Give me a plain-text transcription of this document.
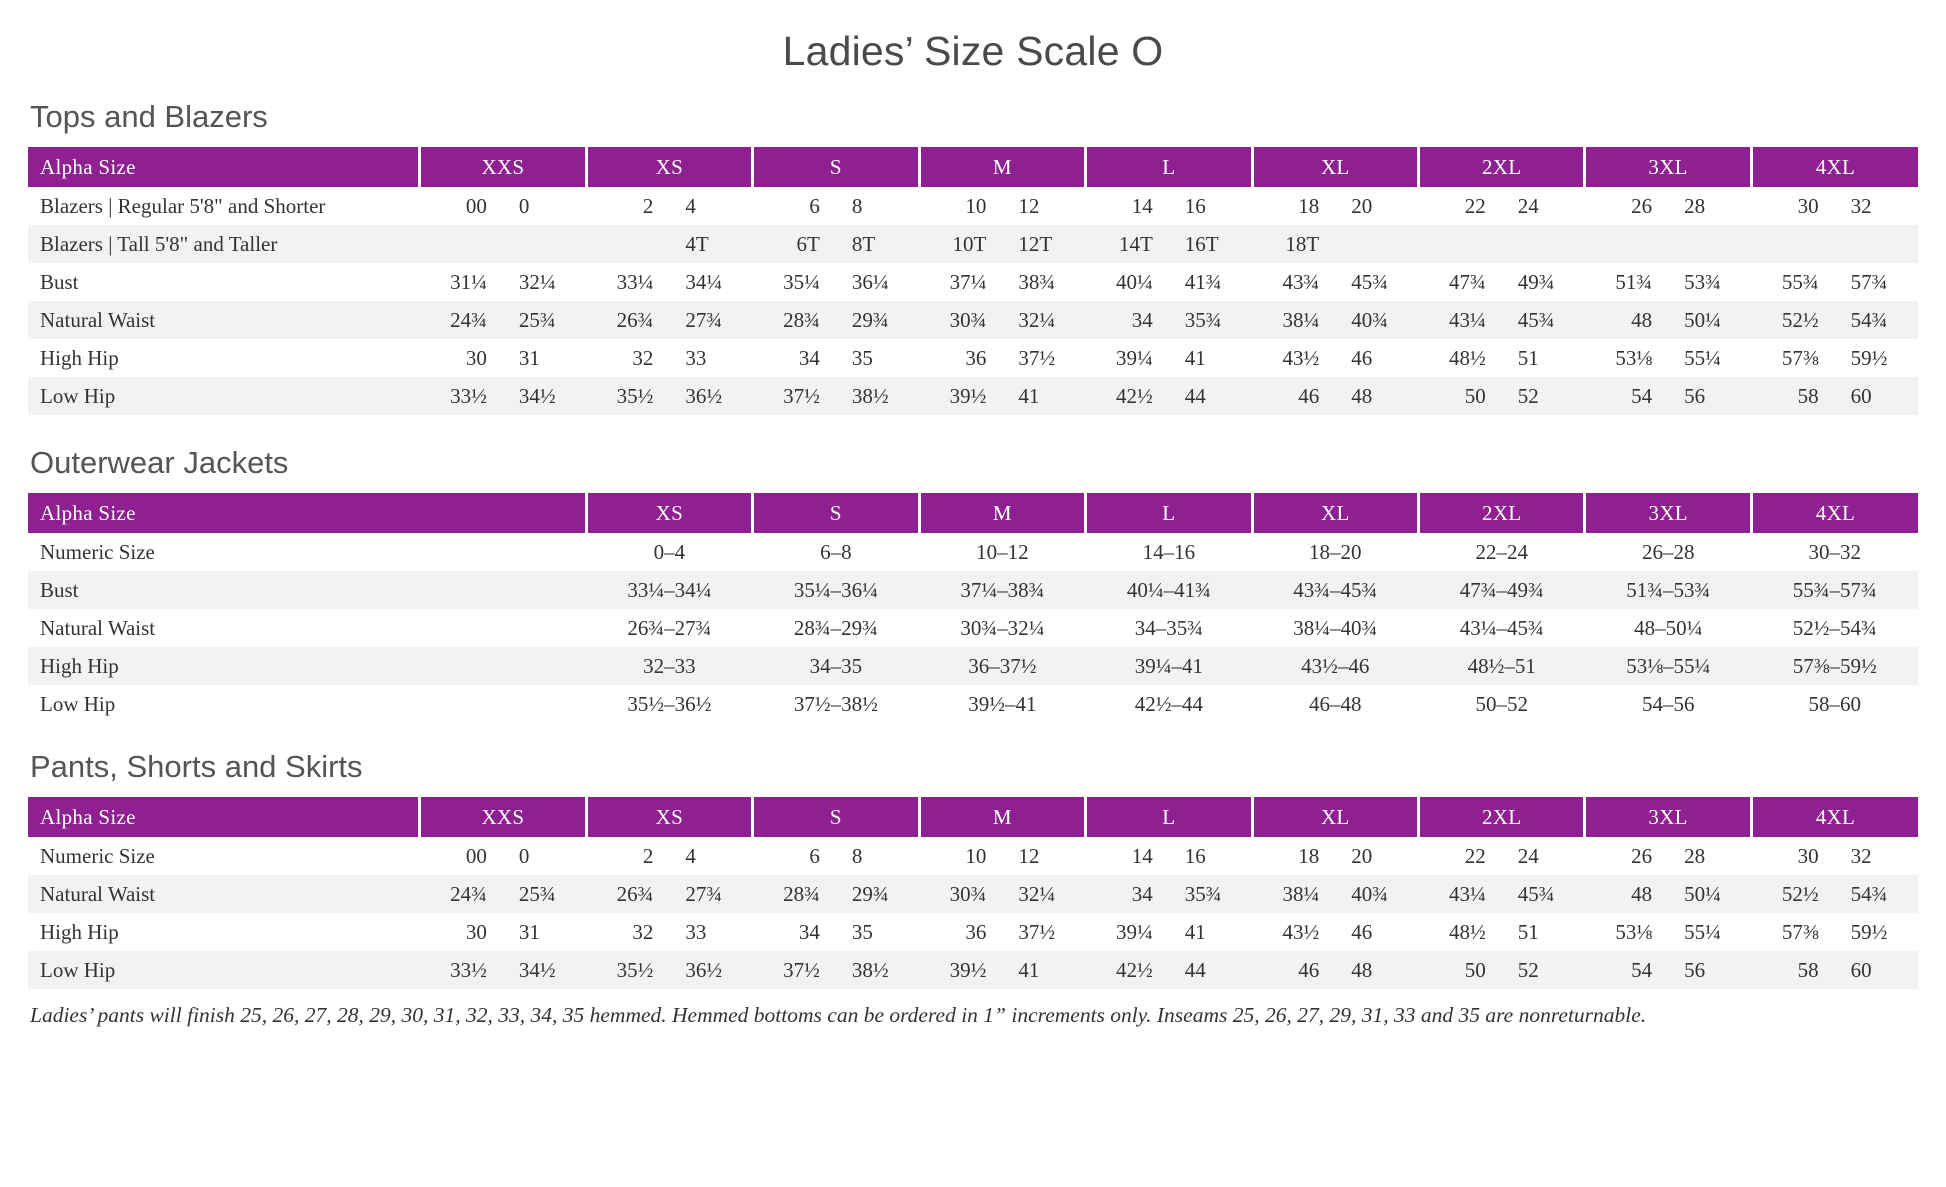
Ladies’ Size Scale O
Tops and Blazers
Alpha Size	XXS		XS		S		M		L		XL		2XL		3XL		4XL	
Blazers | Regular 5'8" and Shorter	00	0	2	4	6	8	10	12	14	16	18	20	22	24	26	28	30	32
Blazers | Tall 5'8" and Taller				4T	6T	8T	10T	12T	14T	16T	18T							
Bust	31¼	32¼	33¼	34¼	35¼	36¼	37¼	38¾	40¼	41¾	43¾	45¾	47¾	49¾	51¾	53¾	55¾	57¾
Natural Waist	24¾	25¾	26¾	27¾	28¾	29¾	30¾	32¼	34	35¾	38¼	40¾	43¼	45¾	48	50¼	52½	54¾
High Hip	30	31	32	33	34	35	36	37½	39¼	41	43½	46	48½	51	53⅛	55¼	57⅜	59½
Low Hip	33½	34½	35½	36½	37½	38½	39½	41	42½	44	46	48	50	52	54	56	58	60
Outerwear Jackets
Alpha Size	XS	S	M	L	XL	2XL	3XL	4XL
Numeric Size	0–4	6–8	10–12	14–16	18–20	22–24	26–28	30–32
Bust	33¼–34¼	35¼–36¼	37¼–38¾	40¼–41¾	43¾–45¾	47¾–49¾	51¾–53¾	55¾–57¾
Natural Waist	26¾–27¾	28¾–29¾	30¾–32¼	34–35¾	38¼–40¾	43¼–45¾	48–50¼	52½–54¾
High Hip	32–33	34–35	36–37½	39¼–41	43½–46	48½–51	53⅛–55¼	57⅜–59½
Low Hip	35½–36½	37½–38½	39½–41	42½–44	46–48	50–52	54–56	58–60
Pants, Shorts and Skirts
Alpha Size	XXS		XS		S		M		L		XL		2XL		3XL		4XL	
Numeric Size	00	0	2	4	6	8	10	12	14	16	18	20	22	24	26	28	30	32
Natural Waist	24¾	25¾	26¾	27¾	28¾	29¾	30¾	32¼	34	35¾	38¼	40¾	43¼	45¾	48	50¼	52½	54¾
High Hip	30	31	32	33	34	35	36	37½	39¼	41	43½	46	48½	51	53⅛	55¼	57⅜	59½
Low Hip	33½	34½	35½	36½	37½	38½	39½	41	42½	44	46	48	50	52	54	56	58	60
Ladies’ pants will finish 25, 26, 27, 28, 29, 30, 31, 32, 33, 34, 35 hemmed. Hemmed bottoms can be ordered in 1” increments only. Inseams 25, 26, 27, 29, 31, 33 and 35 are nonreturnable.
